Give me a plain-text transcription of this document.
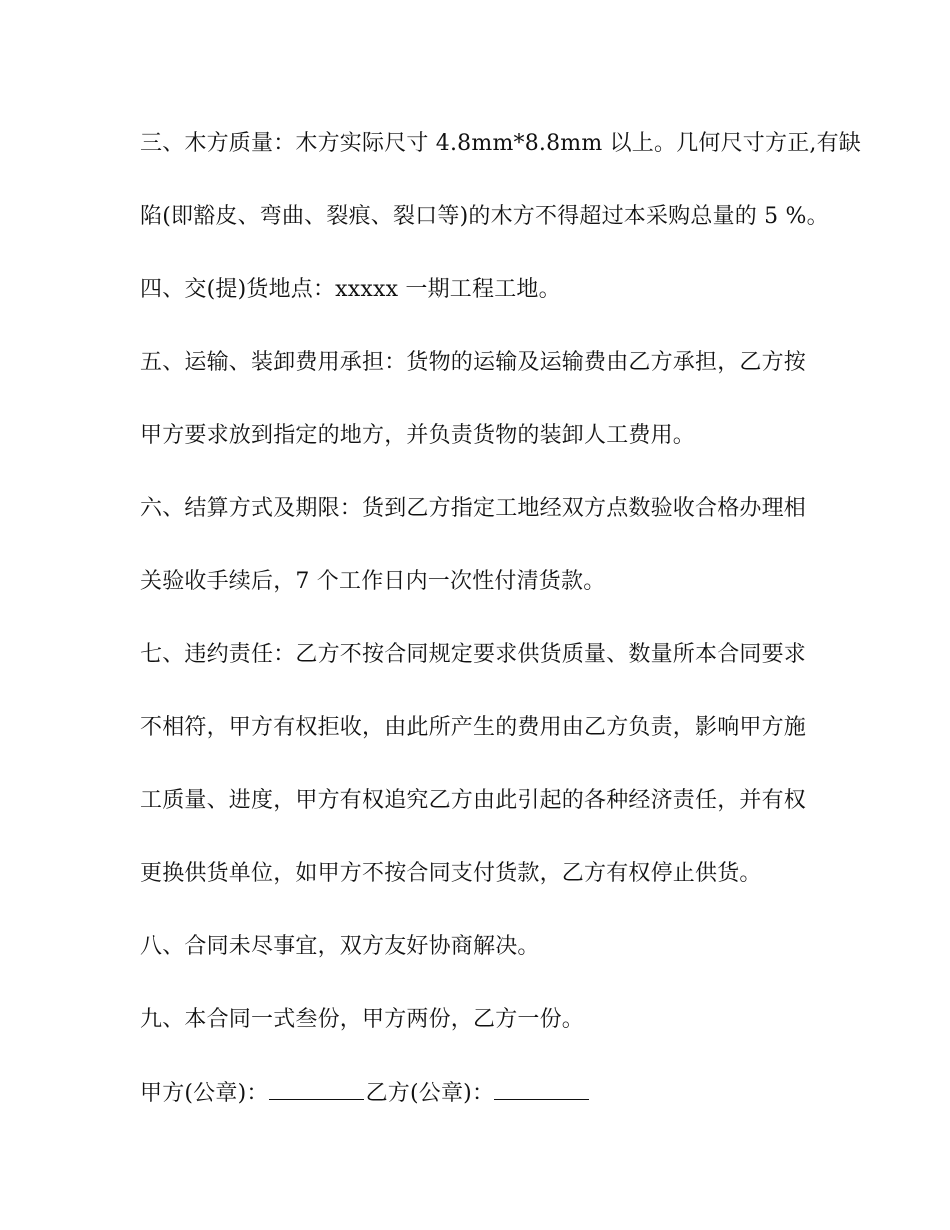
三、木方质量：木方实际尺寸 4.8mm*8.8mm 以上。几何尺寸方正,有缺
陷(即豁皮、弯曲、裂痕、裂口等)的木方不得超过本采购总量的 5 %。
四、交(提)货地点：xxxxx 一期工程工地。
五、运输、装卸费用承担：货物的运输及运输费由乙方承担，乙方按
甲方要求放到指定的地方，并负责货物的装卸人工费用。
六、结算方式及期限：货到乙方指定工地经双方点数验收合格办理相
关验收手续后，7 个工作日内一次性付清货款。
七、违约责任：乙方不按合同规定要求供货质量、数量所本合同要求
不相符，甲方有权拒收，由此所产生的费用由乙方负责，影响甲方施
工质量、进度，甲方有权追究乙方由此引起的各种经济责任，并有权
更换供货单位，如甲方不按合同支付货款，乙方有权停止供货。
八、合同未尽事宜，双方友好协商解决。
九、本合同一式叁份，甲方两份，乙方一份。
甲方(公章)：	乙方(公章)：
